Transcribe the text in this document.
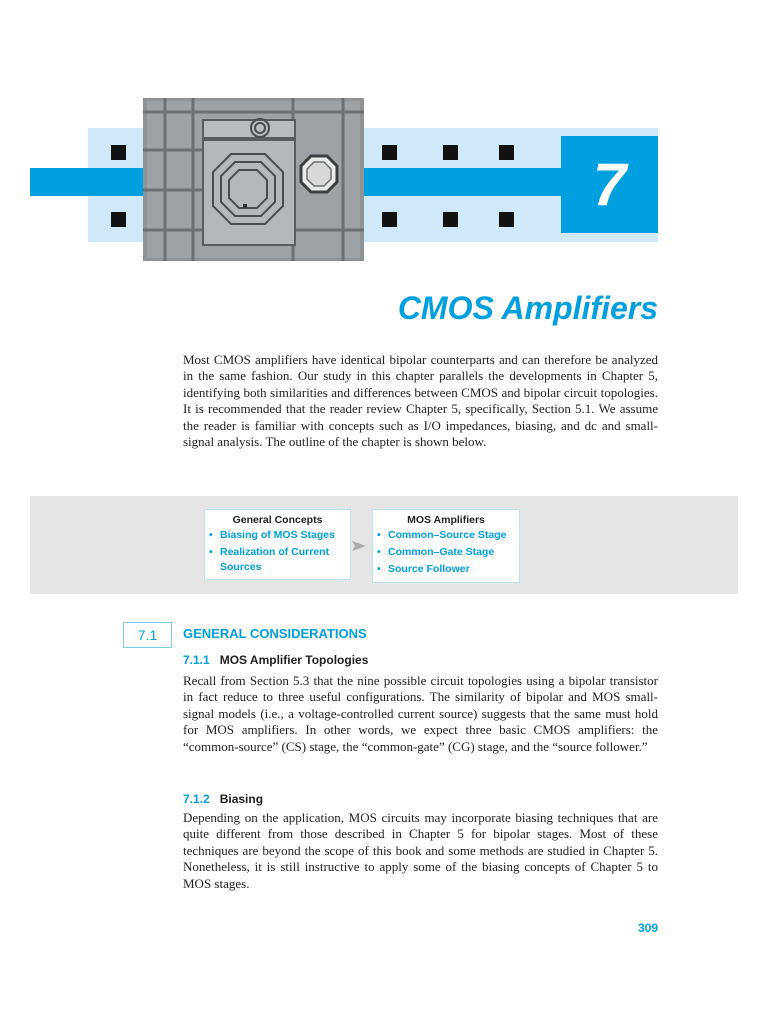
7
CMOS Amplifiers
Most CMOS amplifiers have identical bipolar counterparts and can therefore be analyzed in the same fashion. Our study in this chapter parallels the developments in Chapter 5, identifying both similarities and differences between CMOS and bipolar circuit topologies. It is recommended that the reader review Chapter 5, specifically, Section 5.1. We assume the reader is familiar with concepts such as I/O impedances, biasing, and dc and small-signal analysis. The outline of the chapter is shown below.
General Concepts
• Biasing of MOS Stages
• Realization of Current Sources
MOS Amplifiers
• Common–Source Stage
• Common–Gate Stage
• Source Follower
7.1	GENERAL CONSIDERATIONS
7.1.1 MOS Amplifier Topologies
Recall from Section 5.3 that the nine possible circuit topologies using a bipolar transistor in fact reduce to three useful configurations. The similarity of bipolar and MOS small-signal models (i.e., a voltage-controlled current source) suggests that the same must hold for MOS amplifiers. In other words, we expect three basic CMOS amplifiers: the “common-source” (CS) stage, the “common-gate” (CG) stage, and the “source follower.”
7.1.2 Biasing
Depending on the application, MOS circuits may incorporate biasing techniques that are quite different from those described in Chapter 5 for bipolar stages. Most of these techniques are beyond the scope of this book and some methods are studied in Chapter 5. Nonetheless, it is still instructive to apply some of the biasing concepts of Chapter 5 to MOS stages.
309
